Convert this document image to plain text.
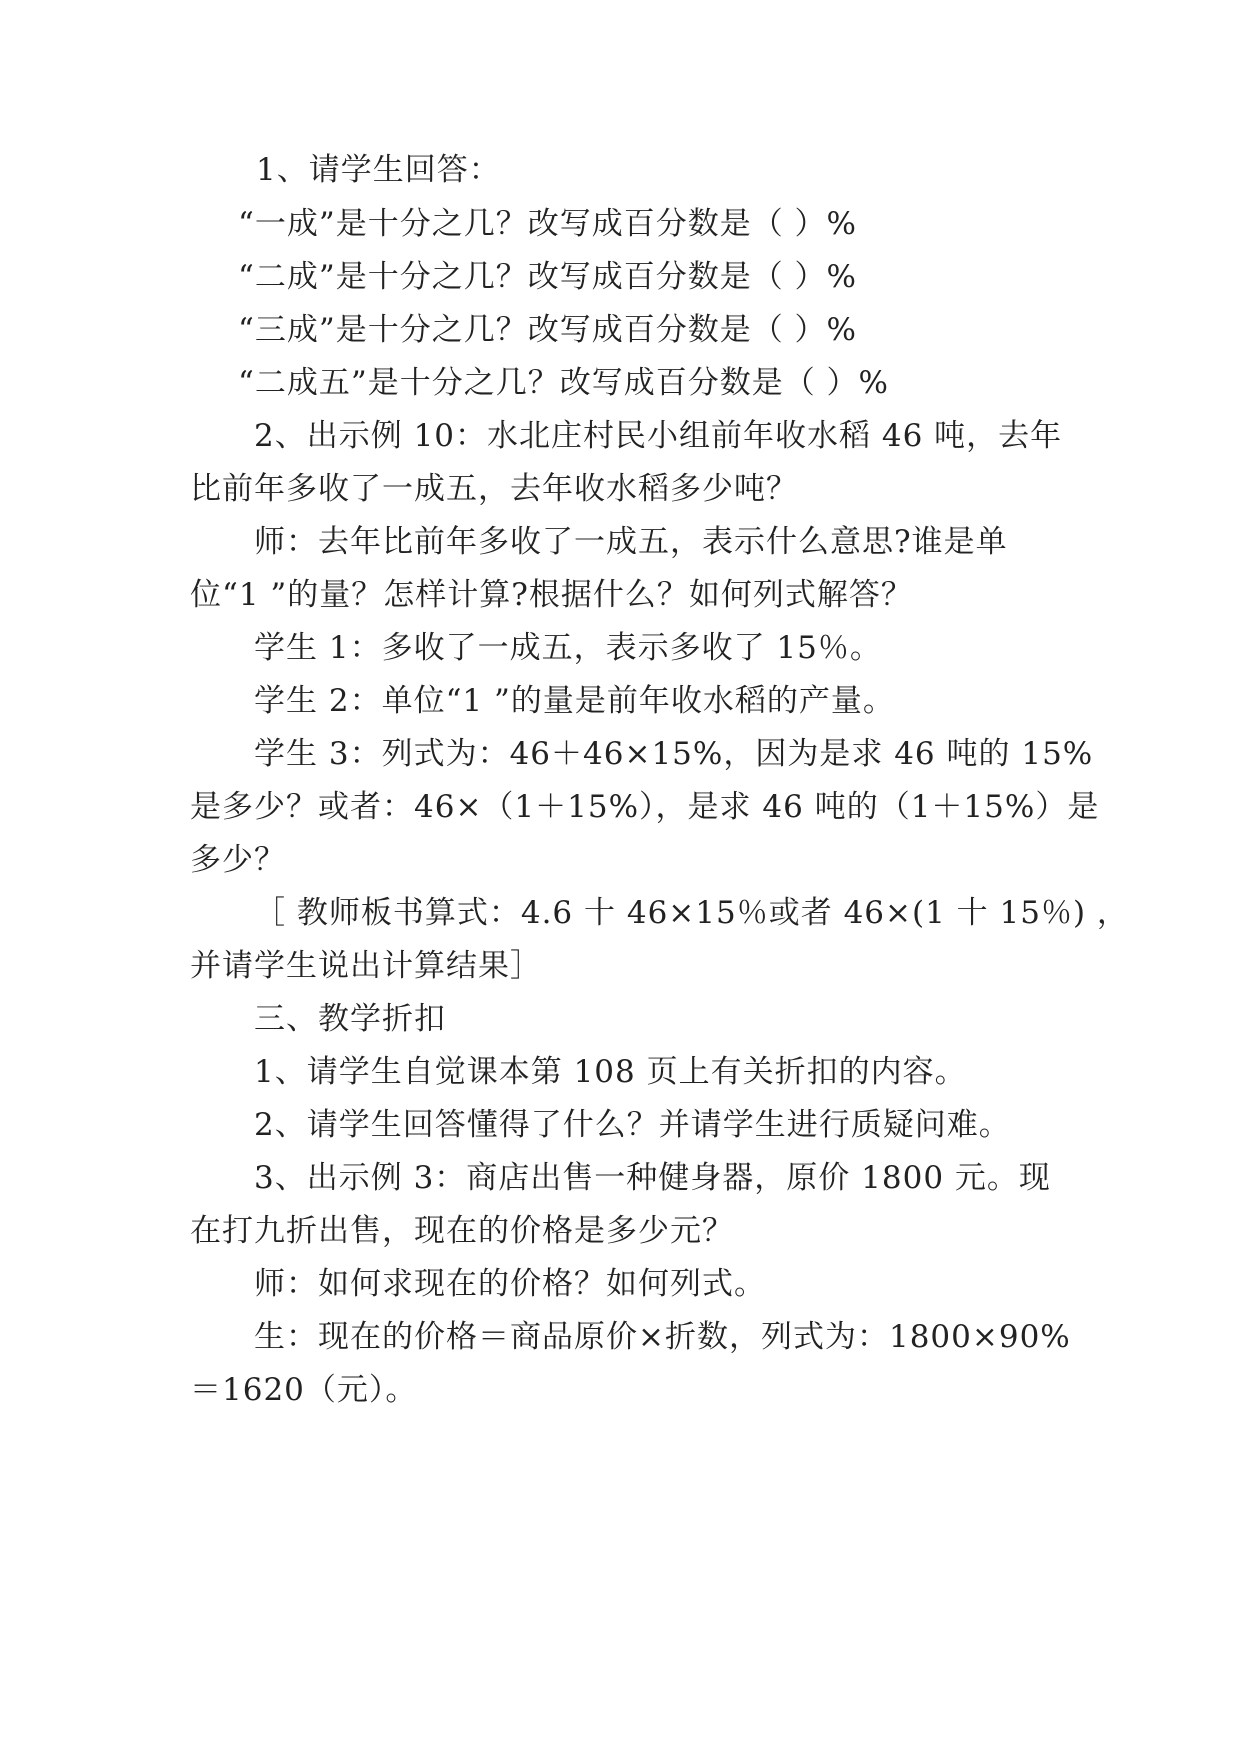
1、请学生回答：
“一成”是十分之几？改写成百分数是（ ）%
“二成”是十分之几？改写成百分数是（ ）%
“三成”是十分之几？改写成百分数是（ ）%
“二成五”是十分之几？改写成百分数是（ ）%
2、出示例 10：水北庄村民小组前年收水稻 46 吨，去年
比前年多收了一成五，去年收水稻多少吨？
师：去年比前年多收了一成五，表示什么意思?谁是单
位“1 ”的量？怎样计算?根据什么？如何列式解答？
学生 1：多收了一成五，表示多收了 15％。
学生 2：单位“1 ”的量是前年收水稻的产量。
学生 3：列式为：46＋46×15%，因为是求 46 吨的 15%
是多少？或者：46×（1＋15%），是求 46 吨的（1＋15%）是
多少？
［ 教师板书算式：4.6 十 46×15％或者 46×(1 十 15％) ，
并请学生说出计算结果］
三、教学折扣
1、请学生自觉课本第 108 页上有关折扣的内容。
2、请学生回答懂得了什么？并请学生进行质疑问难。
3、出示例 3：商店出售一种健身器，原价 1800 元。现
在打九折出售，现在的价格是多少元？
师：如何求现在的价格？如何列式。
生：现在的价格＝商品原价×折数，列式为：1800×90%
＝1620（元）。
